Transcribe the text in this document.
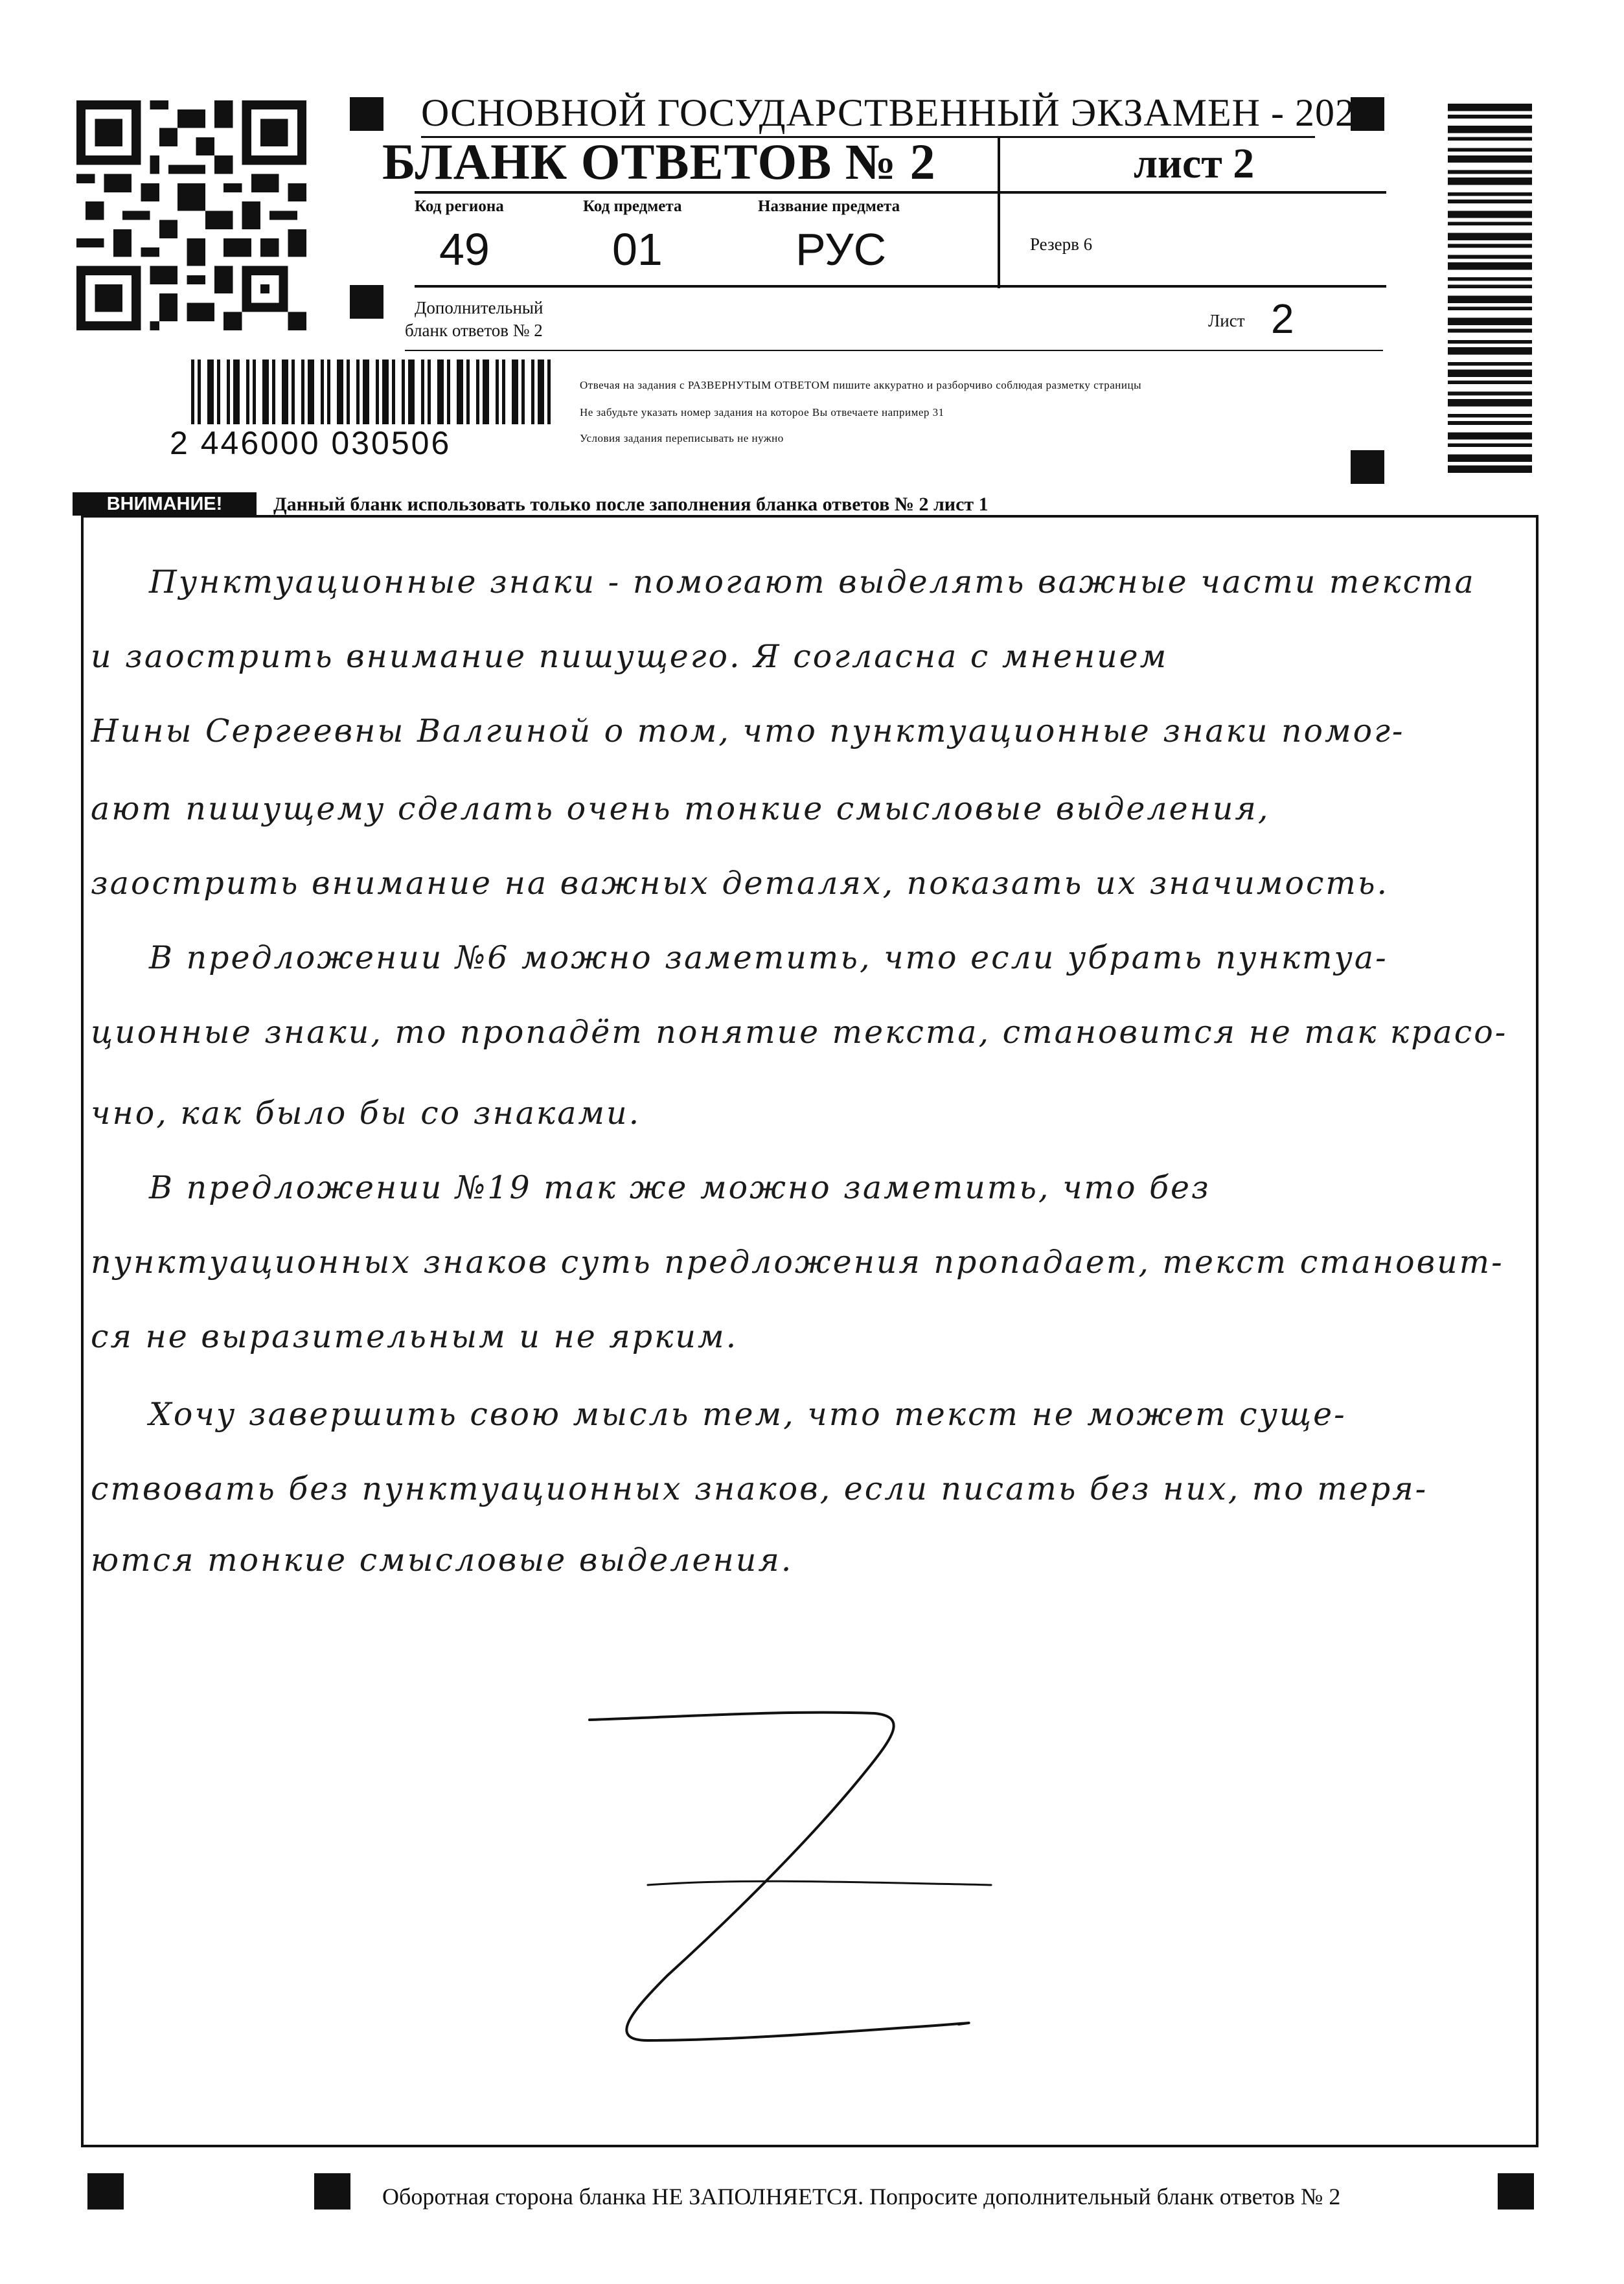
ОСНОВНОЙ ГОСУДАРСТВЕННЫЙ ЭКЗАМЕН - 2024
БЛАНК ОТВЕТОВ № 2	лист 2
Код региона
49
Код предмета
01
Название предмета
РУС	Резерв 6
Дополнительный
бланк ответов № 2	Лист 2
Отвечая на задания с РАЗВЕРНУТЫМ ОТВЕТОМ пишите аккуратно и разборчиво соблюдая разметку страницы
Не забудьте указать номер задания на которое Вы отвечаете например 31
Условия задания переписывать не нужно
2 446000 030506
ВНИМАНИЕ!	Данный бланк использовать только после заполнения бланка ответов № 2 лист 1
Пунктуационные знаки - помогают выделять важные части текста
и заострить внимание пишущего. Я согласна с мнением
Нины Сергеевны Валгиной о том, что пунктуационные знаки помог-
ают пишущему сделать очень тонкие смысловые выделения,
заострить внимание на важных деталях, показать их значимость.
В предложении №6 можно заметить, что если убрать пунктуа-
ционные знаки, то пропадёт понятие текста, становится не так красо-
чно, как было бы со знаками.
В предложении №19 так же можно заметить, что без
пунктуационных знаков суть предложения пропадает, текст становит-
ся не выразительным и не ярким.
Хочу завершить свою мысль тем, что текст не может суще-
ствовать без пунктуационных знаков, если писать без них, то теря-
ются тонкие смысловые выделения.
Оборотная сторона бланка НЕ ЗАПОЛНЯЕТСЯ. Попросите дополнительный бланк ответов № 2
